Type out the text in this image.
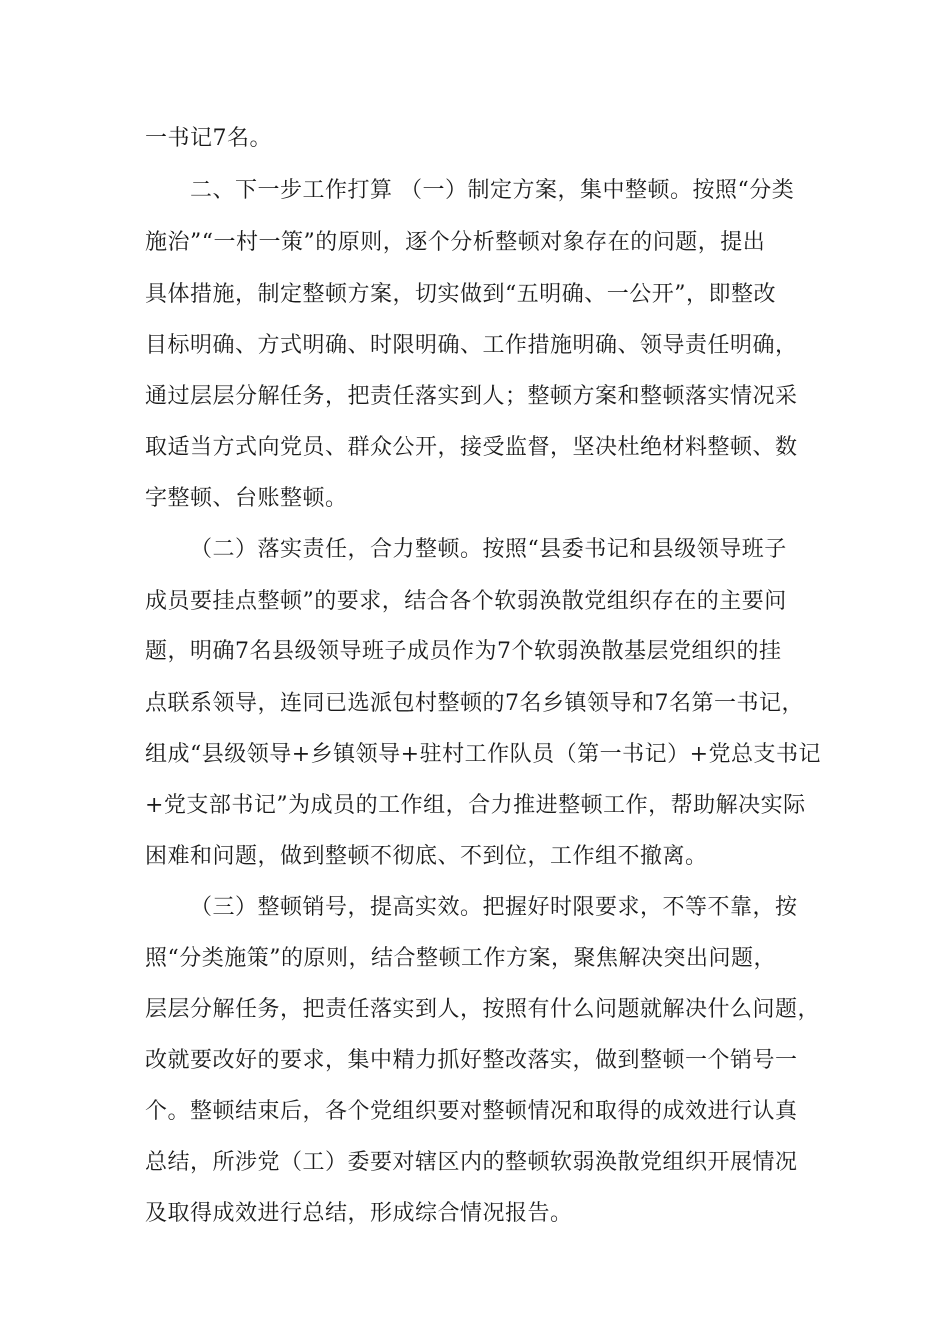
一书记7名。
二、下一步工作打算 （一）制定方案，集中整顿。按照“分类
施治”“一村一策”的原则，逐个分析整顿对象存在的问题，提出
具体措施，制定整顿方案，切实做到“五明确、一公开”，即整改
目标明确、方式明确、时限明确、工作措施明确、领导责任明确，
通过层层分解任务，把责任落实到人；整顿方案和整顿落实情况采
取适当方式向党员、群众公开，接受监督，坚决杜绝材料整顿、数
字整顿、台账整顿。
（二）落实责任，合力整顿。按照“县委书记和县级领导班子
成员要挂点整顿”的要求，结合各个软弱涣散党组织存在的主要问
题，明确7名县级领导班子成员作为7个软弱涣散基层党组织的挂
点联系领导，连同已选派包村整顿的7名乡镇领导和7名第一书记，
组成“县级领导+乡镇领导+驻村工作队员（第一书记）+党总支书记
+党支部书记”为成员的工作组，合力推进整顿工作，帮助解决实际
困难和问题，做到整顿不彻底、不到位，工作组不撤离。
（三）整顿销号，提高实效。把握好时限要求，不等不靠，按
照“分类施策”的原则，结合整顿工作方案，聚焦解决突出问题，
层层分解任务，把责任落实到人，按照有什么问题就解决什么问题，
改就要改好的要求，集中精力抓好整改落实，做到整顿一个销号一
个。整顿结束后，各个党组织要对整顿情况和取得的成效进行认真
总结，所涉党（工）委要对辖区内的整顿软弱涣散党组织开展情况
及取得成效进行总结，形成综合情况报告。
